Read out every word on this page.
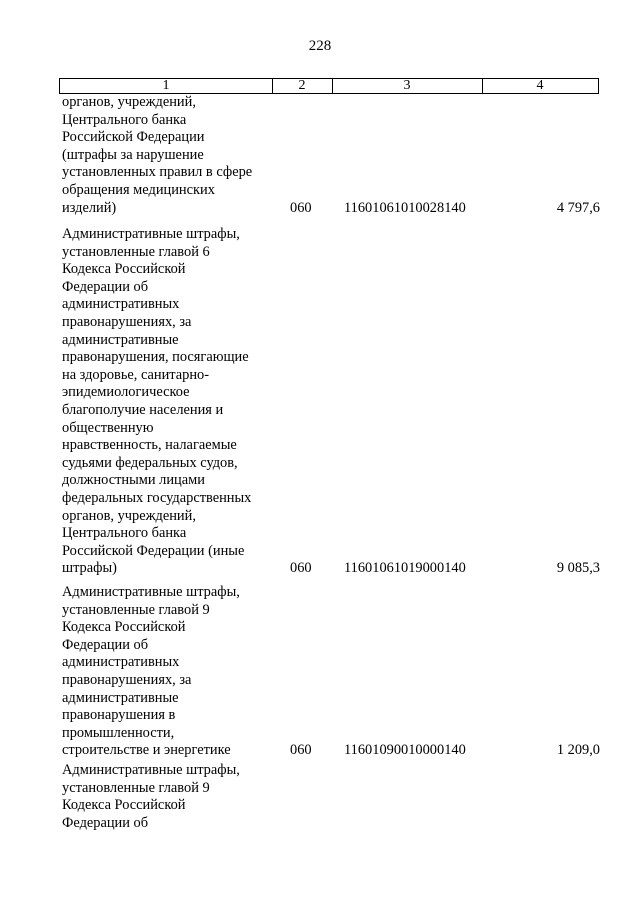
228
1	2	3	4
органов, учреждений,
Центрального банка
Российской Федерации
(штрафы за нарушение
установленных правил в сфере
обращения медицинских
изделий)	060 11601061010028140	4 797,6
Административные штрафы,
установленные главой 6
Кодекса Российской
Федерации об
административных
правонарушениях, за
административные
правонарушения, посягающие
на здоровье, санитарно-
эпидемиологическое
благополучие населения и
общественную
нравственность, налагаемые
судьями федеральных судов,
должностными лицами
федеральных государственных
органов, учреждений,
Центрального банка
Российской Федерации (иные
штрафы)	060 11601061019000140	9 085,3
Административные штрафы,
установленные главой 9
Кодекса Российской
Федерации об
административных
правонарушениях, за
административные
правонарушения в
промышленности,
строительстве и энергетике	060 11601090010000140	1 209,0
Административные штрафы,
установленные главой 9
Кодекса Российской
Федерации об
